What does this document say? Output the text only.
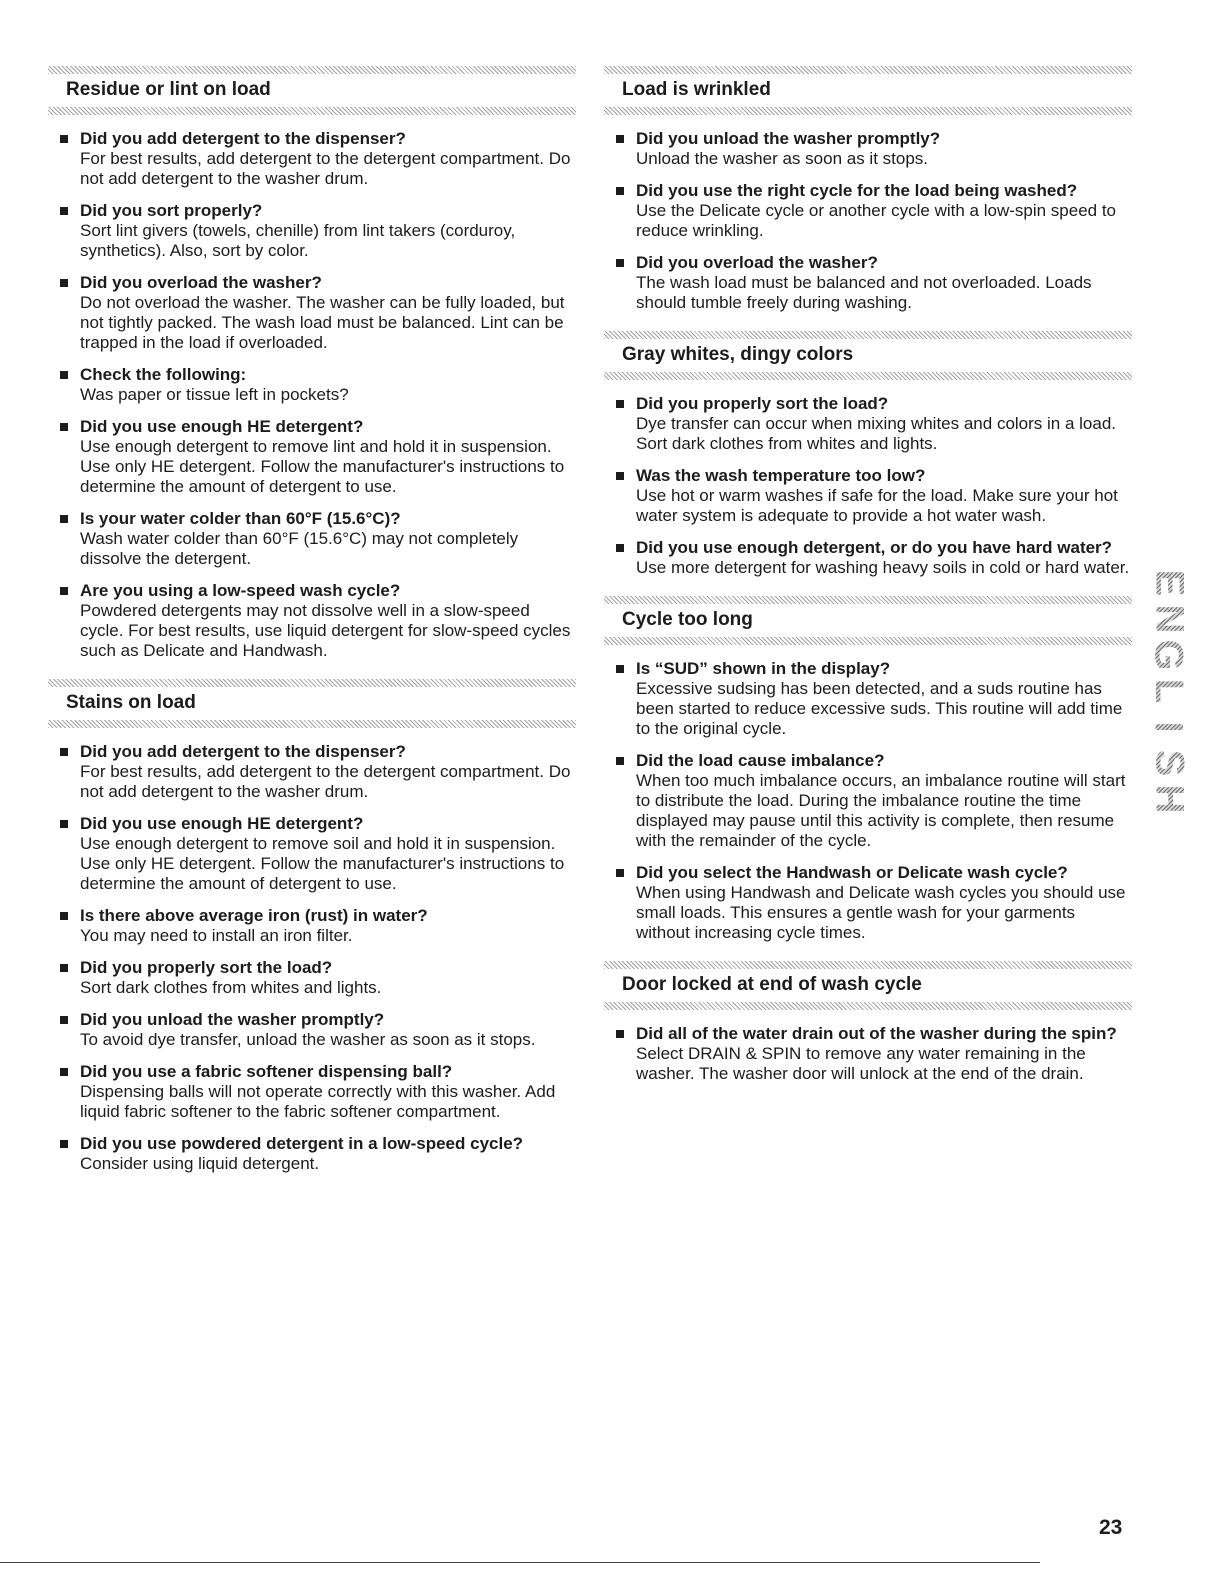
Residue or lint on load
Did you add detergent to the dispenser?
For best results, add detergent to the detergent compartment. Do not add detergent to the washer drum.
Did you sort properly?
Sort lint givers (towels, chenille) from lint takers (corduroy, synthetics). Also, sort by color.
Did you overload the washer?
Do not overload the washer. The washer can be fully loaded, but not tightly packed. The wash load must be balanced. Lint can be trapped in the load if overloaded.
Check the following:
Was paper or tissue left in pockets?
Did you use enough HE detergent?
Use enough detergent to remove lint and hold it in suspension. Use only HE detergent. Follow the manufacturer's instructions to determine the amount of detergent to use.
Is your water colder than 60°F (15.6°C)?
Wash water colder than 60°F (15.6°C) may not completely dissolve the detergent.
Are you using a low-speed wash cycle?
Powdered detergents may not dissolve well in a slow-speed cycle. For best results, use liquid detergent for slow-speed cycles such as Delicate and Handwash.
Stains on load
Did you add detergent to the dispenser?
For best results, add detergent to the detergent compartment. Do not add detergent to the washer drum.
Did you use enough HE detergent?
Use enough detergent to remove soil and hold it in suspension. Use only HE detergent. Follow the manufacturer's instructions to determine the amount of detergent to use.
Is there above average iron (rust) in water?
You may need to install an iron filter.
Did you properly sort the load?
Sort dark clothes from whites and lights.
Did you unload the washer promptly?
To avoid dye transfer, unload the washer as soon as it stops.
Did you use a fabric softener dispensing ball?
Dispensing balls will not operate correctly with this washer. Add liquid fabric softener to the fabric softener compartment.
Did you use powdered detergent in a low-speed cycle?
Consider using liquid detergent.
Load is wrinkled
Did you unload the washer promptly?
Unload the washer as soon as it stops.
Did you use the right cycle for the load being washed?
Use the Delicate cycle or another cycle with a low-spin speed to reduce wrinkling.
Did you overload the washer?
The wash load must be balanced and not overloaded. Loads should tumble freely during washing.
Gray whites, dingy colors
Did you properly sort the load?
Dye transfer can occur when mixing whites and colors in a load. Sort dark clothes from whites and lights.
Was the wash temperature too low?
Use hot or warm washes if safe for the load. Make sure your hot water system is adequate to provide a hot water wash.
Did you use enough detergent, or do you have hard water?
Use more detergent for washing heavy soils in cold or hard water.
Cycle too long
Is “SUD” shown in the display?
Excessive sudsing has been detected, and a suds routine has been started to reduce excessive suds. This routine will add time to the original cycle.
Did the load cause imbalance?
When too much imbalance occurs, an imbalance routine will start to distribute the load. During the imbalance routine the time displayed may pause until this activity is complete, then resume with the remainder of the cycle.
Did you select the Handwash or Delicate wash cycle?
When using Handwash and Delicate wash cycles you should use small loads. This ensures a gentle wash for your garments without increasing cycle times.
Door locked at end of wash cycle
Did all of the water drain out of the washer during the spin?
Select DRAIN & SPIN to remove any water remaining in the washer. The washer door will unlock at the end of the drain.
E
N
G
L
I
S
H
23
